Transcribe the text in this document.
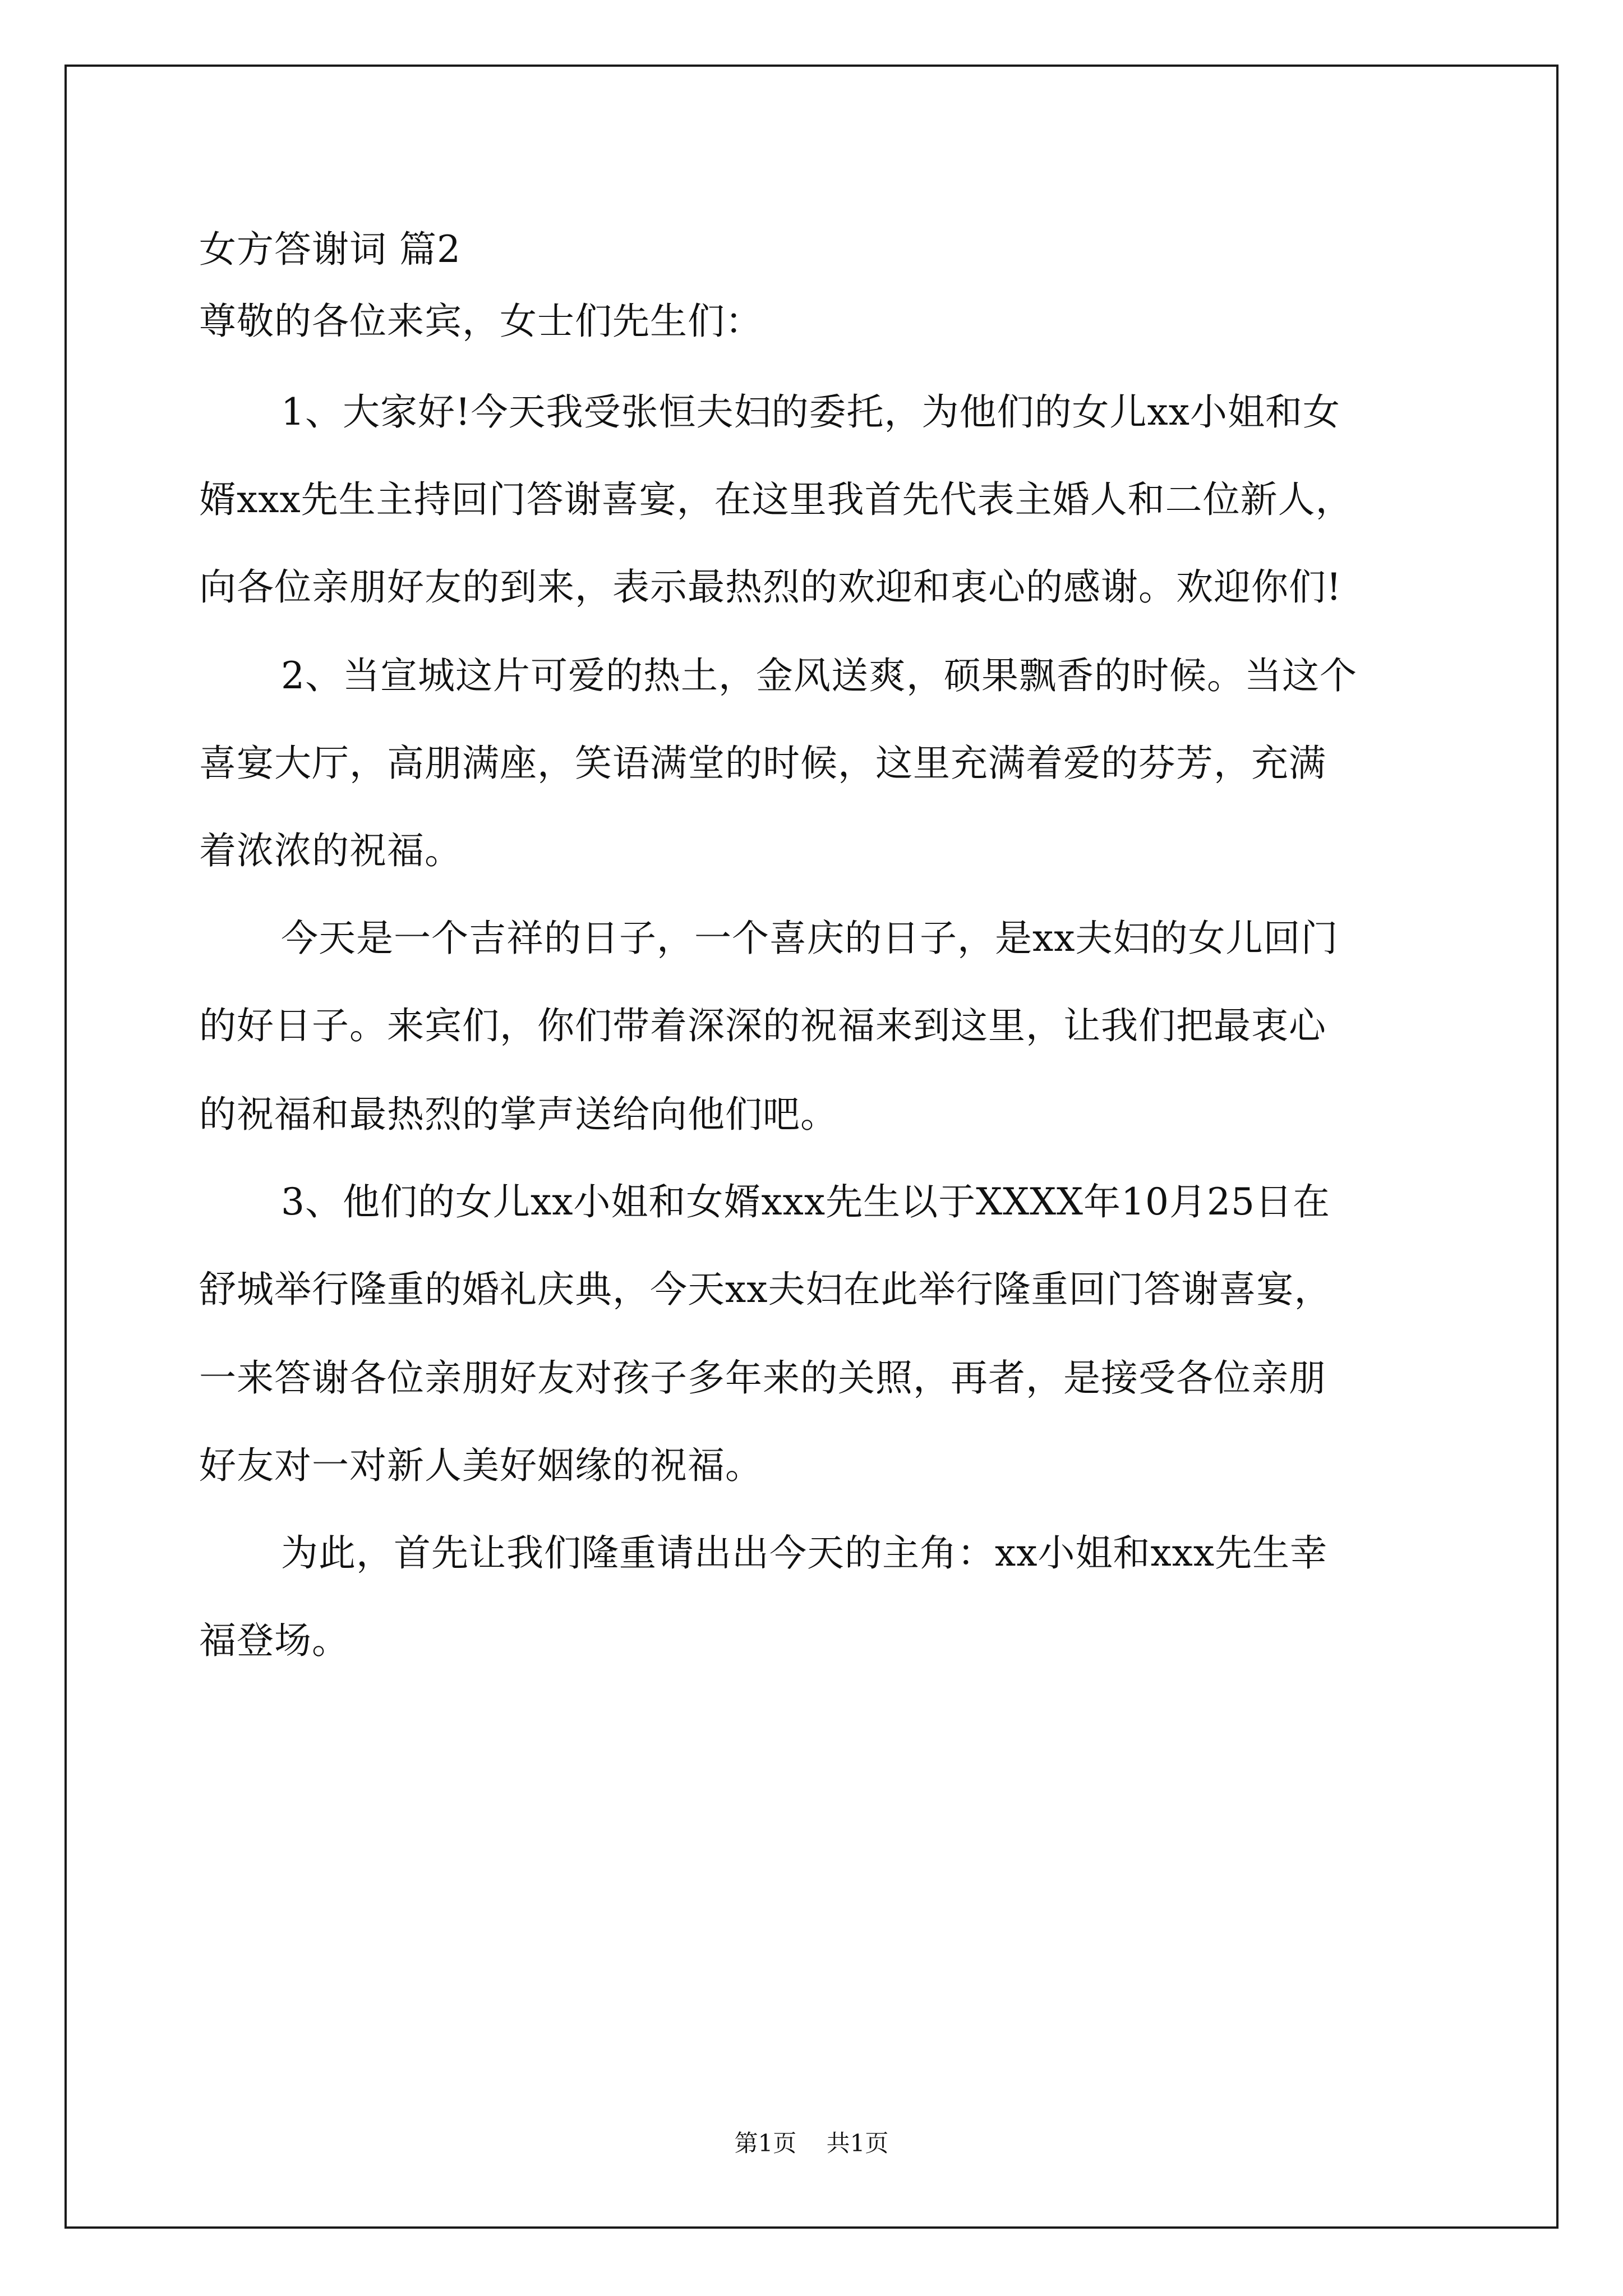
女方答谢词 篇2
尊敬的各位来宾，女士们先生们：
1、大家好!今天我受张恒夫妇的委托，为他们的女儿xx小姐和女
婿xxx先生主持回门答谢喜宴，在这里我首先代表主婚人和二位新人，
向各位亲朋好友的到来，表示最热烈的欢迎和衷心的感谢。欢迎你们!
2、当宣城这片可爱的热土，金风送爽，硕果飘香的时候。当这个
喜宴大厅，高朋满座，笑语满堂的时候，这里充满着爱的芬芳，充满
着浓浓的祝福。
今天是一个吉祥的日子，一个喜庆的日子，是xx夫妇的女儿回门
的好日子。来宾们，你们带着深深的祝福来到这里，让我们把最衷心
的祝福和最热烈的掌声送给向他们吧。
3、他们的女儿xx小姐和女婿xxx先生以于XXXX年10月25日在
舒城举行隆重的婚礼庆典，今天xx夫妇在此举行隆重回门答谢喜宴，
一来答谢各位亲朋好友对孩子多年来的关照，再者，是接受各位亲朋
好友对一对新人美好姻缘的祝福。
为此，首先让我们隆重请出出今天的主角：xx小姐和xxx先生幸
福登场。
第1页 共1页
